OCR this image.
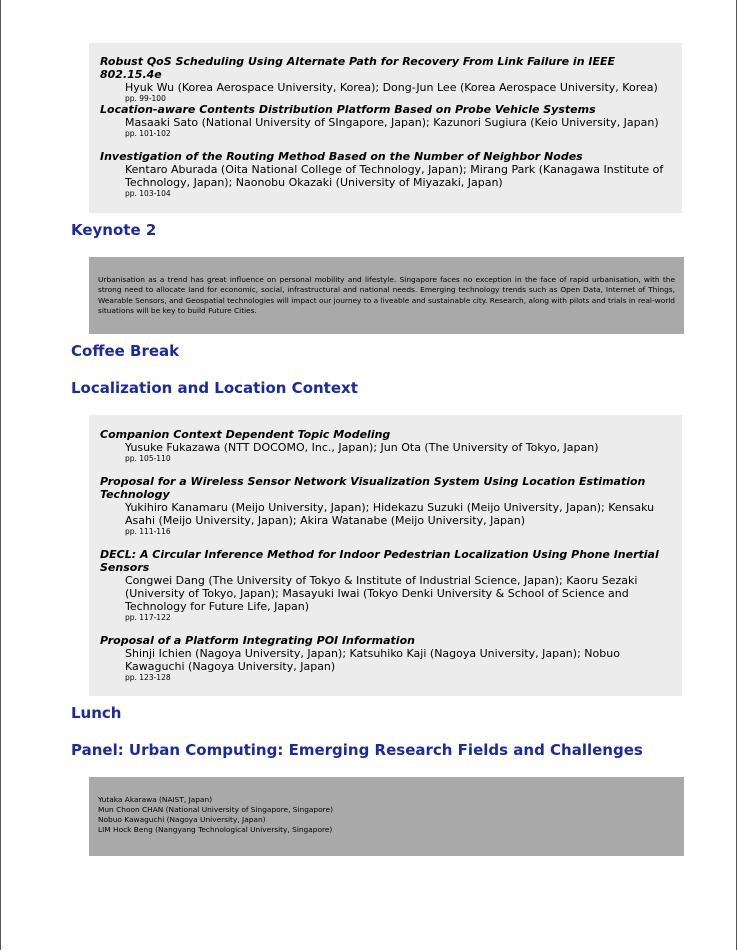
Robust QoS Scheduling Using Alternate Path for Recovery From Link Failure in IEEE 802.15.4e
Hyuk Wu (Korea Aerospace University, Korea); Dong-Jun Lee (Korea Aerospace University, Korea)
pp. 99-100
Location-aware Contents Distribution Platform Based on Probe Vehicle Systems
Masaaki Sato (National University of SIngapore, Japan); Kazunori Sugiura (Keio University, Japan)
pp. 101-102
Investigation of the Routing Method Based on the Number of Neighbor Nodes
Kentaro Aburada (Oita National College of Technology, Japan); Mirang Park (Kanagawa Institute of Technology, Japan); Naonobu Okazaki (University of Miyazaki, Japan)
pp. 103-104
Keynote 2
Urbanisation as a trend has great influence on personal mobility and lifestyle. Singapore faces no exception in the face of rapid urbanisation, with the strong need to allocate land for economic, social, infrastructural and national needs. Emerging technology trends such as Open Data, Internet of Things, Wearable Sensors, and Geospatial technologies will impact our journey to a liveable and sustainable city. Research, along with pilots and trials in real-world situations will be key to build Future Cities.
Coffee Break
Localization and Location Context
Companion Context Dependent Topic Modeling
Yusuke Fukazawa (NTT DOCOMO, Inc., Japan); Jun Ota (The University of Tokyo, Japan)
pp. 105-110
Proposal for a Wireless Sensor Network Visualization System Using Location Estimation Technology
Yukihiro Kanamaru (Meijo University, Japan); Hidekazu Suzuki (Meijo University, Japan); Kensaku Asahi (Meijo University, Japan); Akira Watanabe (Meijo University, Japan)
pp. 111-116
DECL: A Circular Inference Method for Indoor Pedestrian Localization Using Phone Inertial Sensors
Congwei Dang (The University of Tokyo & Institute of Industrial Science, Japan); Kaoru Sezaki (University of Tokyo, Japan); Masayuki Iwai (Tokyo Denki University & School of Science and Technology for Future Life, Japan)
pp. 117-122
Proposal of a Platform Integrating POI Information
Shinji Ichien (Nagoya University, Japan); Katsuhiko Kaji (Nagoya University, Japan); Nobuo Kawaguchi (Nagoya University, Japan)
pp. 123-128
Lunch
Panel: Urban Computing: Emerging Research Fields and Challenges
Yutaka Akarawa (NAIST, Japan)
Mun Choon CHAN (National University of Singapore, Singapore)
Nobuo Kawaguchi (Nagoya University, Japan)
LIM Hock Beng (Nangyang Technological University, Singapore)
